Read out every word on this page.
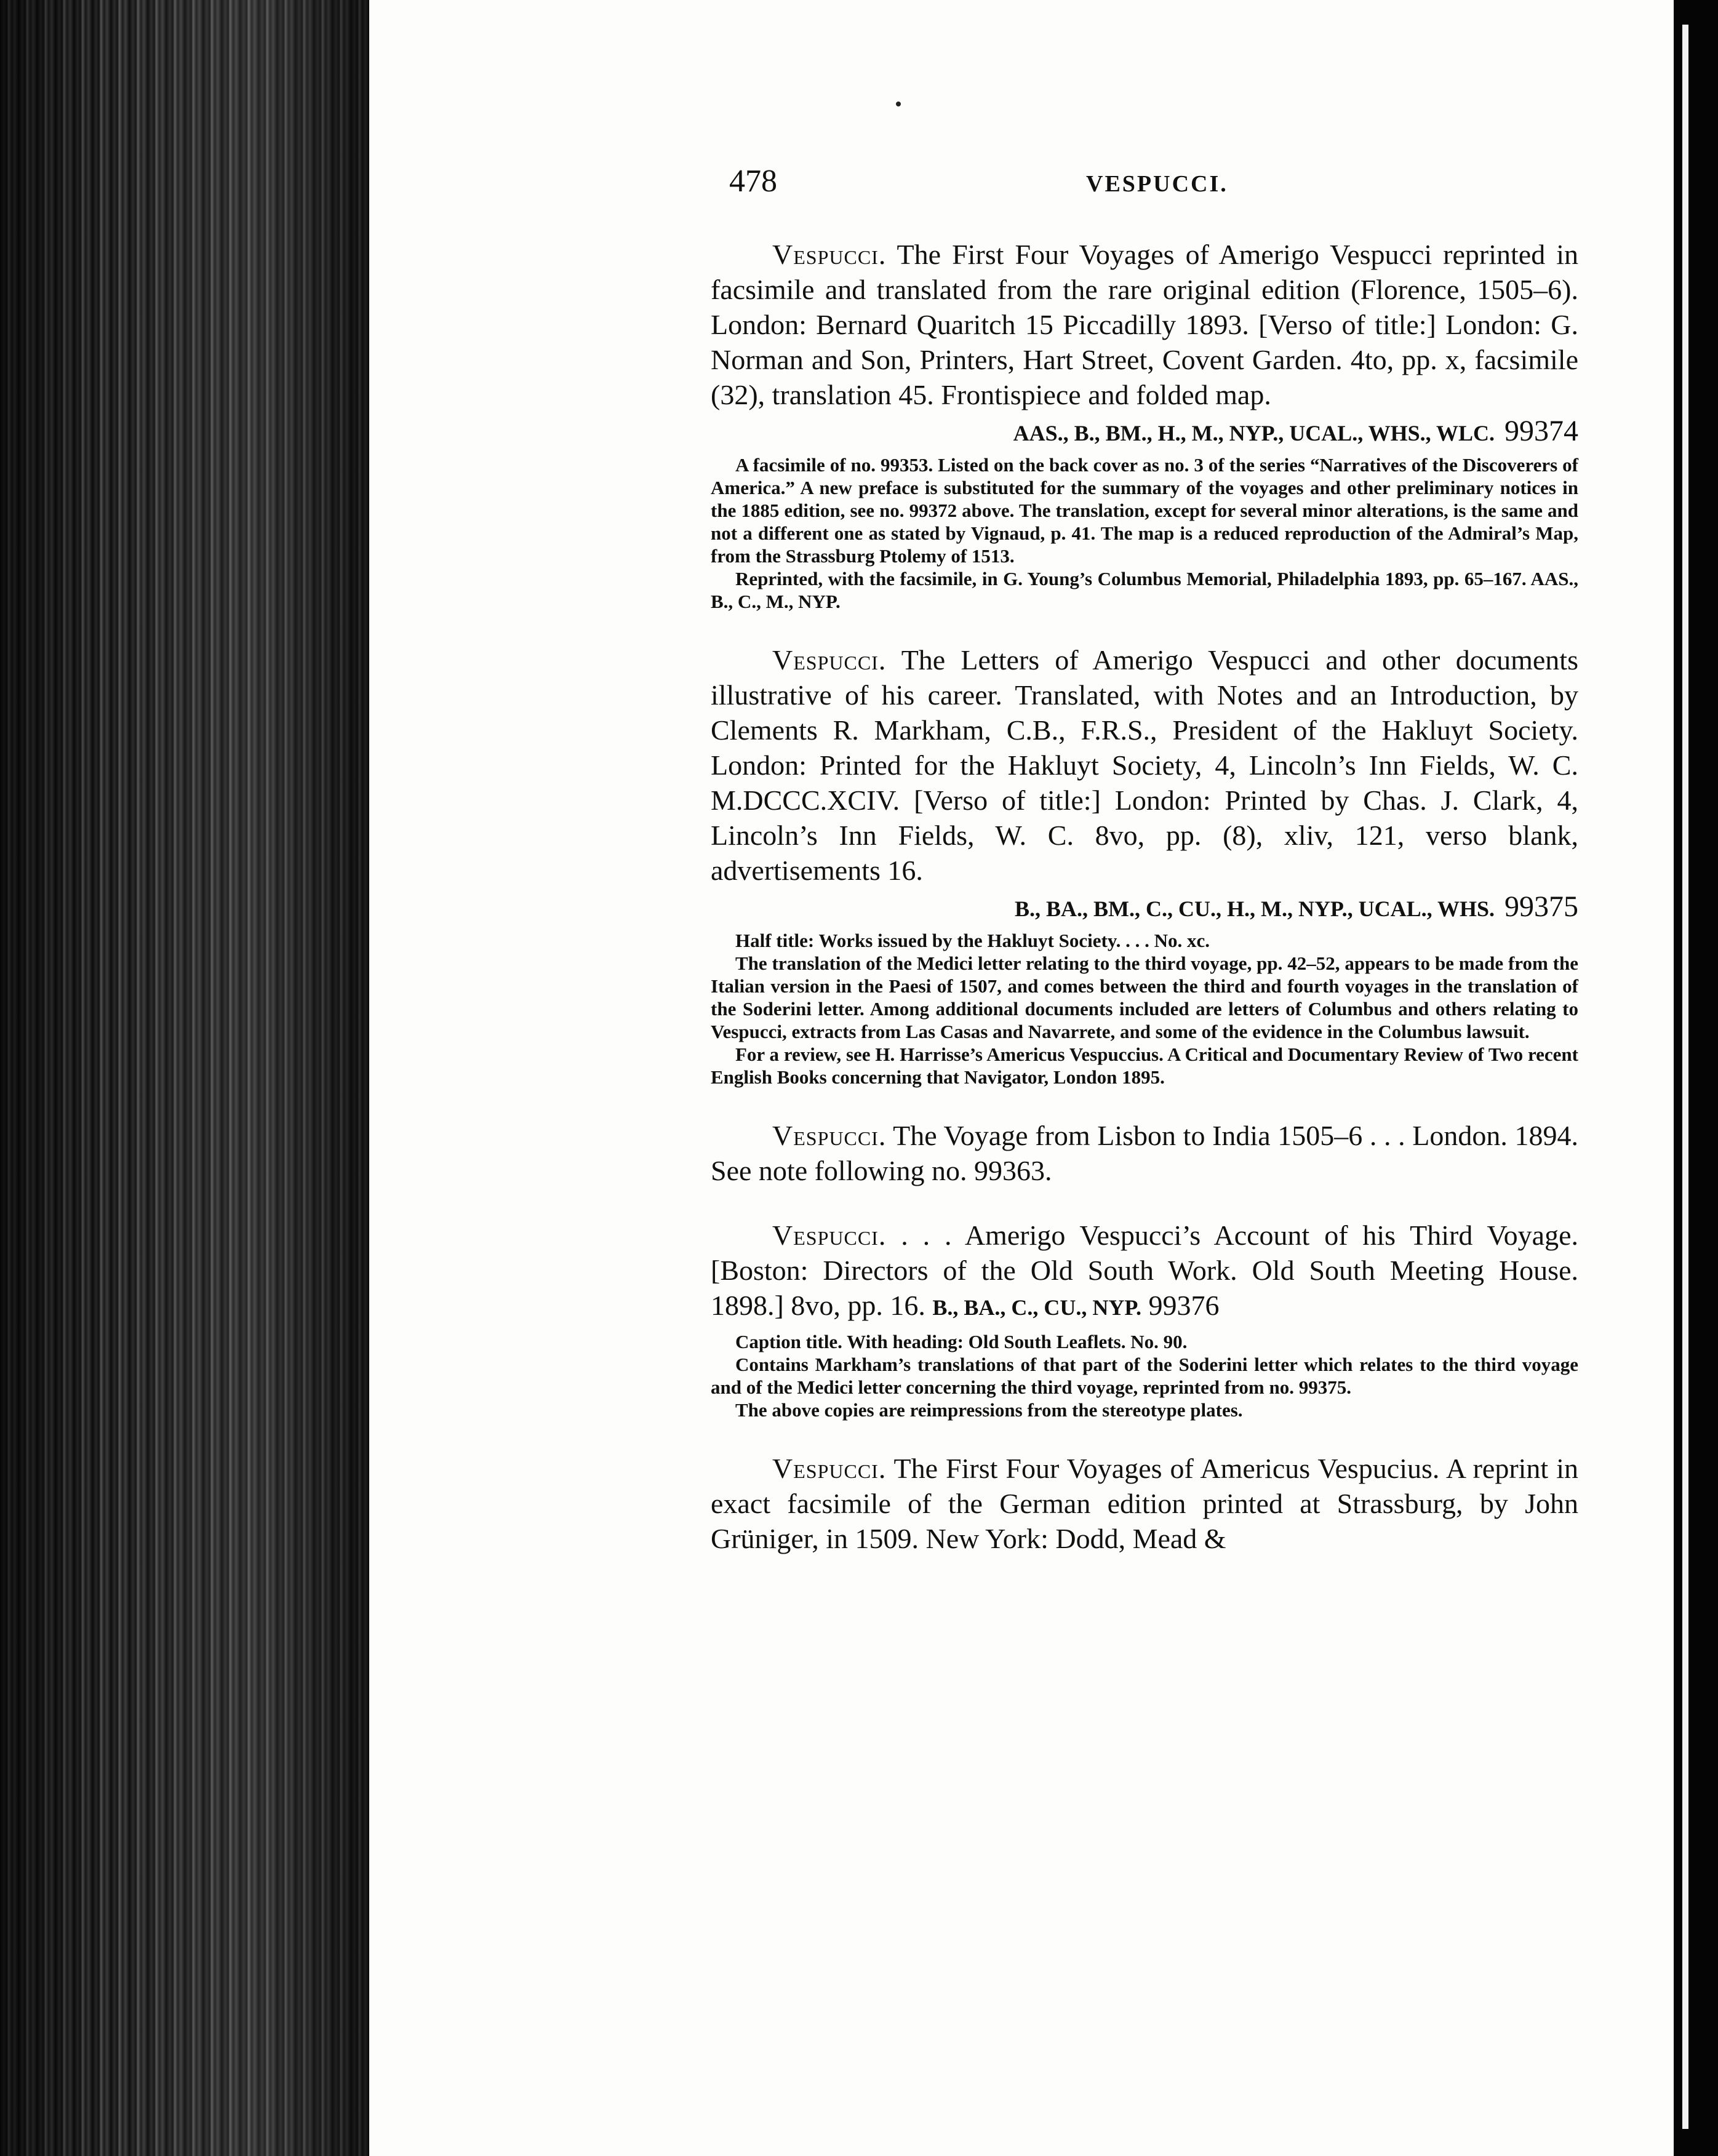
478	VESPUCCI.

Vespucci. The First Four Voyages of Amerigo Vespucci reprinted in facsimile and translated from the rare original edition (Florence, 1505–6). London: Bernard Quaritch 15 Piccadilly 1893. [Verso of title:] London: G. Norman and Son, Printers, Hart Street, Covent Garden. 4to, pp. x, facsimile (32), translation 45. Frontispiece and folded map.

AAS., B., BM., H., M., NYP., UCAL., WHS., WLC. 99374

A facsimile of no. 99353. Listed on the back cover as no. 3 of the series “Narratives of the Discoverers of America.” A new preface is substituted for the summary of the voyages and other preliminary notices in the 1885 edition, see no. 99372 above. The translation, except for several minor alterations, is the same and not a different one as stated by Vignaud, p. 41. The map is a reduced reproduction of the Admiral’s Map, from the Strassburg Ptolemy of 1513.

Reprinted, with the facsimile, in G. Young’s Columbus Memorial, Philadelphia 1893, pp. 65–167. AAS., B., C., M., NYP.

Vespucci. The Letters of Amerigo Vespucci and other documents illustrative of his career. Translated, with Notes and an Introduction, by Clements R. Markham, C.B., F.R.S., President of the Hakluyt Society. London: Printed for the Hakluyt Society, 4, Lincoln’s Inn Fields, W. C. M.DCCC.XCIV. [Verso of title:] London: Printed by Chas. J. Clark, 4, Lincoln’s Inn Fields, W. C. 8vo, pp. (8), xliv, 121, verso blank, advertisements 16.

B., BA., BM., C., CU., H., M., NYP., UCAL., WHS. 99375

Half title: Works issued by the Hakluyt Society. . . . No. xc.

The translation of the Medici letter relating to the third voyage, pp. 42–52, appears to be made from the Italian version in the Paesi of 1507, and comes between the third and fourth voyages in the translation of the Soderini letter. Among additional documents included are letters of Columbus and others relating to Vespucci, extracts from Las Casas and Navarrete, and some of the evidence in the Columbus lawsuit.

For a review, see H. Harrisse’s Americus Vespuccius. A Critical and Documentary Review of Two recent English Books concerning that Navigator, London 1895.

Vespucci. The Voyage from Lisbon to India 1505–6 . . . London. 1894. See note following no. 99363.

Vespucci. . . . Amerigo Vespucci’s Account of his Third Voyage. [Boston: Directors of the Old South Work. Old South Meeting House. 1898.] 8vo, pp. 16. B., BA., C., CU., NYP. 99376

Caption title. With heading: Old South Leaflets. No. 90.

Contains Markham’s translations of that part of the Soderini letter which relates to the third voyage and of the Medici letter concerning the third voyage, reprinted from no. 99375.

The above copies are reimpressions from the stereotype plates.

Vespucci. The First Four Voyages of Americus Vespucius. A reprint in exact facsimile of the German edition printed at Strassburg, by John Grüniger, in 1509. New York: Dodd, Mead &
